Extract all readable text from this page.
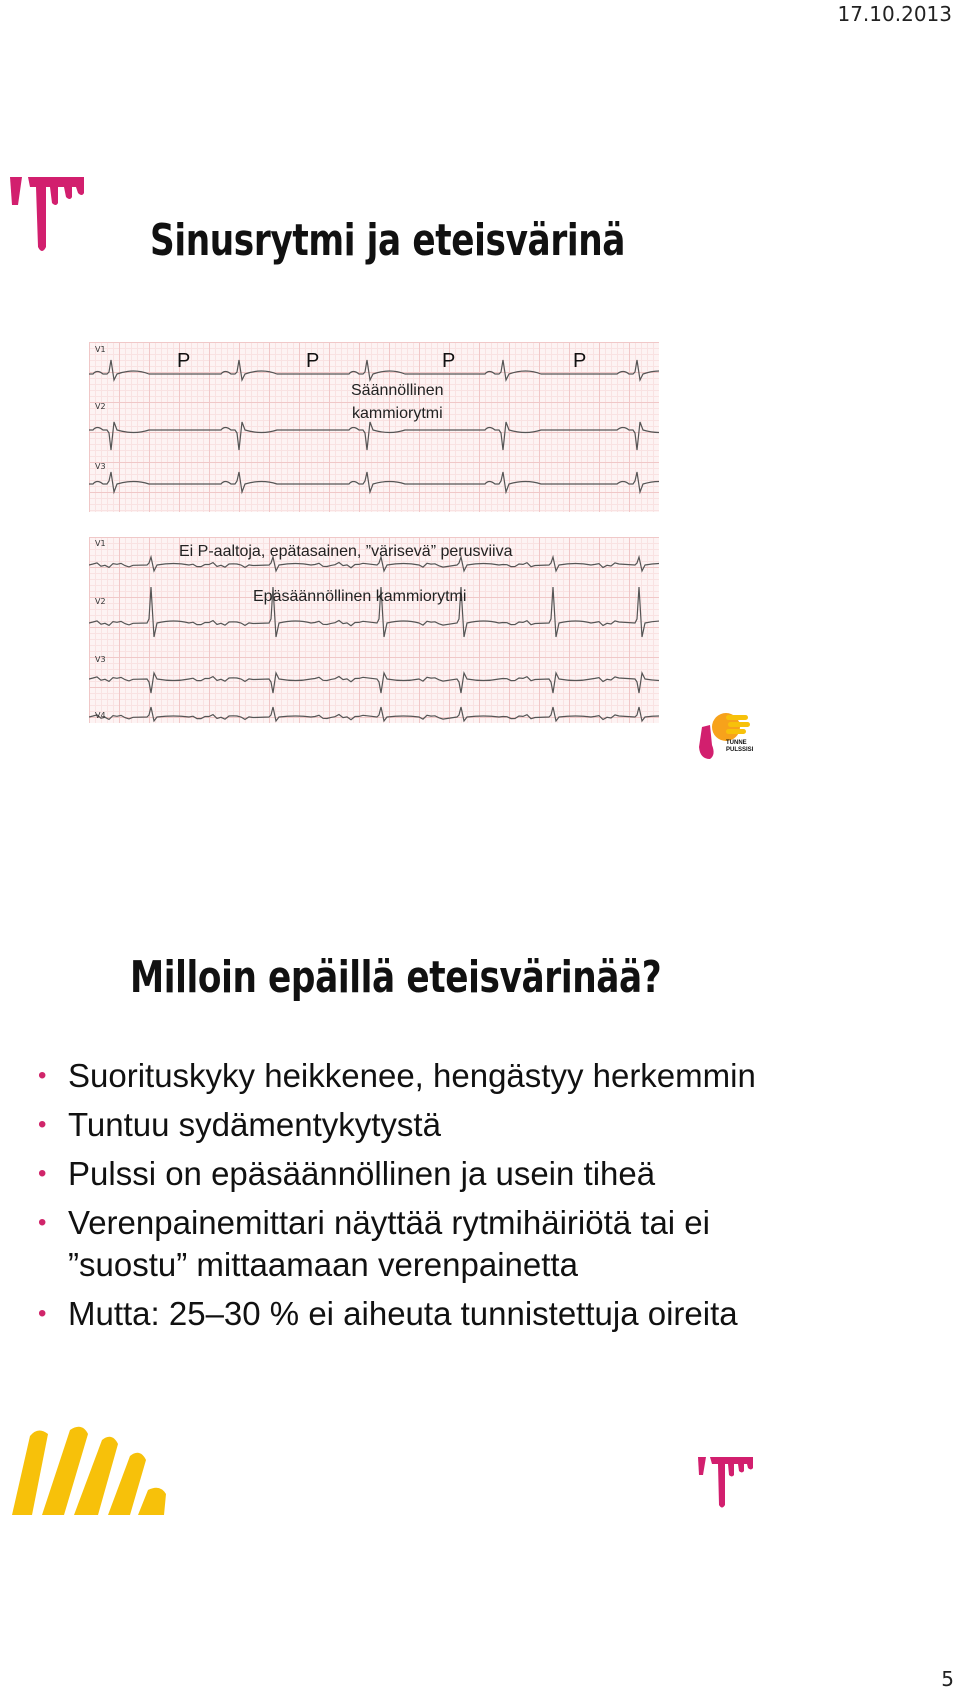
17.10.2013
Sinusrytmi ja eteisvärinä
V1
V2
V3
P	P	P	P
Säännöllinen
kammiorytmi
V1
V2
V3
V4
Ei P-aaltoja, epätasainen, ”värisevä” perusviiva
Epäsäännöllinen kammiorytmi
TUNNE PULSSISI
Milloin epäillä eteisvärinää?
• Suorituskyky heikkenee, hengästyy herkemmin
• Tuntuu sydämentykytystä
• Pulssi on epäsäännöllinen ja usein tiheä
• Verenpainemittari näyttää rytmihäiriötä tai ei ”suostu” mittaamaan verenpainetta
• Mutta: 25–30 % ei aiheuta tunnistettuja oireita
5
